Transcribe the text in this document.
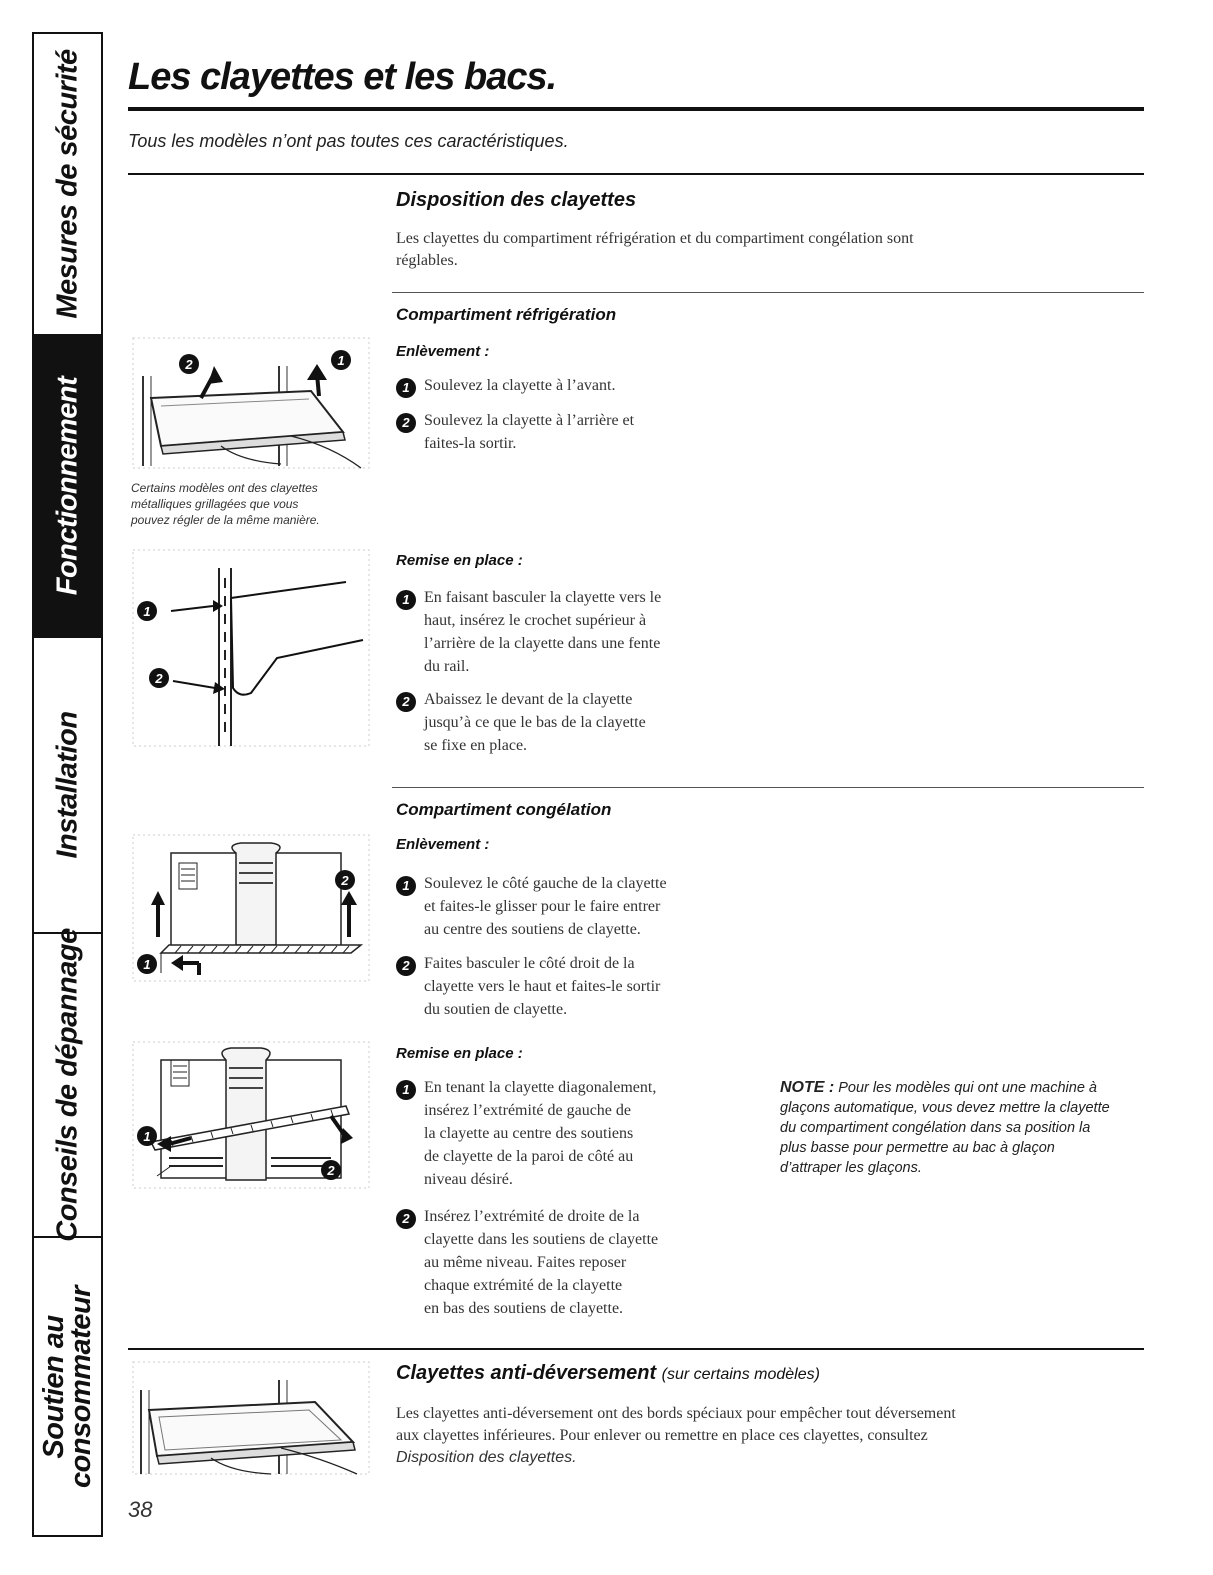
Mesures de sécurité
Fonctionnement
Installation
Conseils de dépannage
Soutien au
consommateur
Les clayettes et les bacs.
Tous les modèles n’ont pas toutes ces caractéristiques.
Disposition des clayettes
Les clayettes du compartiment réfrigération et du compartiment congélation sont
réglables.
Compartiment réfrigération
Enlèvement :
1 Soulevez la clayette à l’avant.
2 Soulevez la clayette à l’arrière et
faites-la sortir.
Remise en place :
1 En faisant basculer la clayette vers le
haut, insérez le crochet supérieur à
l’arrière de la clayette dans une fente
du rail.
2 Abaissez le devant de la clayette
jusqu’à ce que le bas de la clayette
se fixe en place.
Certains modèles ont des clayettes
métalliques grillagées que vous
pouvez régler de la même manière.
Compartiment congélation
Enlèvement :
1 Soulevez le côté gauche de la clayette
et faites-le glisser pour le faire entrer
au centre des soutiens de clayette.
2 Faites basculer le côté droit de la
clayette vers le haut et faites-le sortir
du soutien de clayette.
Remise en place :
1 En tenant la clayette diagonalement,
insérez l’extrémité de gauche de
la clayette au centre des soutiens
de clayette de la paroi de côté au
niveau désiré.
2 Insérez l’extrémité de droite de la
clayette dans les soutiens de clayette
au même niveau. Faites reposer
chaque extrémité de la clayette
en bas des soutiens de clayette.
NOTE : Pour les modèles qui ont une machine à
glaçons automatique, vous devez mettre la clayette
du compartiment congélation dans sa position la
plus basse pour permettre au bac à glaçon
d’attraper les glaçons.
Clayettes anti-déversement (sur certains modèles)
Les clayettes anti-déversement ont des bords spéciaux pour empêcher tout déversement
aux clayettes inférieures. Pour enlever ou remettre en place ces clayettes, consultez
Disposition des clayettes.
38
2	1
1
2
1
2
1
2
